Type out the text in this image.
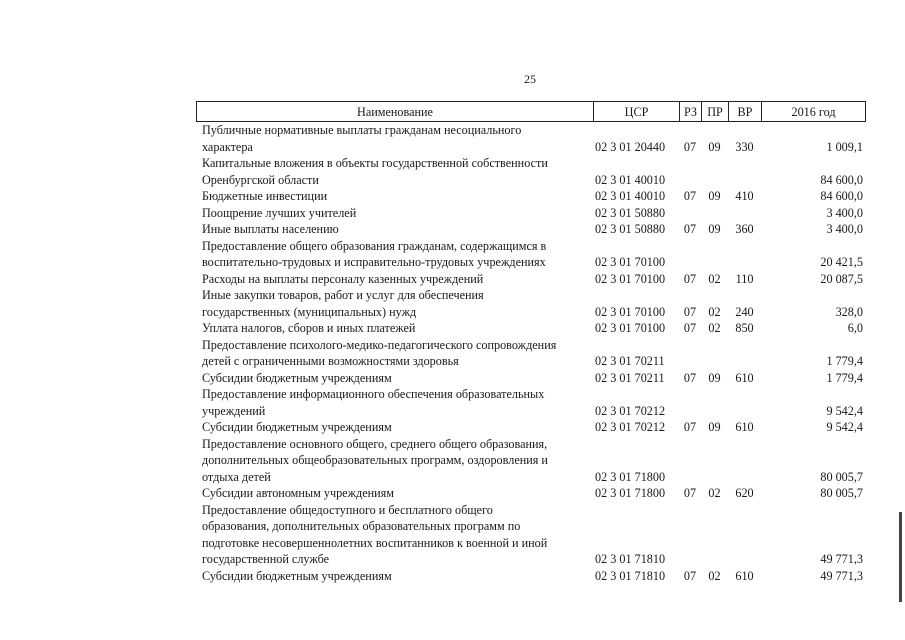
25
Наименование	ЦСР	РЗ ПР	ВР	2016 год
Публичные нормативные выплаты гражданам несоциального
характера	02 3 01 20440	07	09	330	1 009,1
Капитальные вложения в объекты государственной собственности
Оренбургской области	02 3 01 40010	84 600,0
Бюджетные инвестиции	02 3 01 40010	07	09	410	84 600,0
Поощрение лучших учителей	02 3 01 50880	3 400,0
Иные выплаты населению	02 3 01 50880	07	09	360	3 400,0
Предоставление общего образования гражданам, содержащимся в
воспитательно-трудовых и исправительно-трудовых учреждениях	02 3 01 70100	20 421,5
Расходы на выплаты персоналу казенных учреждений	02 3 01 70100	07	02	110	20 087,5
Иные закупки товаров, работ и услуг для обеспечения
государственных (муниципальных) нужд	02 3 01 70100	07	02	240	328,0
Уплата налогов, сборов и иных платежей	02 3 01 70100	07	02	850	6,0
Предоставление психолого-медико-педагогического сопровождения
детей с ограниченными возможностями здоровья	02 3 01 70211	1 779,4
Субсидии бюджетным учреждениям	02 3 01 70211	07	09	610	1 779,4
Предоставление информационного обеспечения образовательных
учреждений	02 3 01 70212	9 542,4
Субсидии бюджетным учреждениям	02 3 01 70212	07	09	610	9 542,4
Предоставление основного общего, среднего общего образования,
дополнительных общеобразовательных программ, оздоровления и
отдыха детей	02 3 01 71800	80 005,7
Субсидии автономным учреждениям	02 3 01 71800	07	02	620	80 005,7
Предоставление общедоступного и бесплатного общего
образования, дополнительных образовательных программ по
подготовке несовершеннолетних воспитанников к военной и иной
государственной службе	02 3 01 71810	49 771,3
Субсидии бюджетным учреждениям	02 3 01 71810	07	02	610	49 771,3
